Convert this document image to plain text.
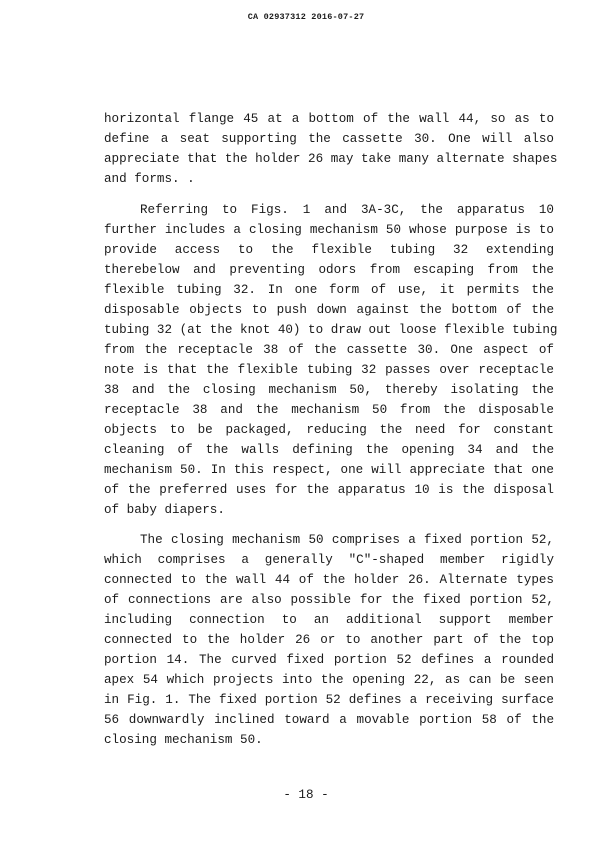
CA 02937312 2016-07-27
horizontal flange 45 at a bottom of the wall 44, so as to
define a seat supporting the cassette 30. One will also
appreciate that the holder 26 may take many alternate shapes
and forms. .
Referring to Figs. 1 and 3A-3C, the apparatus 10
further includes a closing mechanism 50 whose purpose is to
provide access to the flexible tubing 32 extending
therebelow and preventing odors from escaping from the
flexible tubing 32. In one form of use, it permits the
disposable objects to push down against the bottom of the
tubing 32 (at the knot 40) to draw out loose flexible tubing
from the receptacle 38 of the cassette 30. One aspect of
note is that the flexible tubing 32 passes over receptacle
38 and the closing mechanism 50, thereby isolating the
receptacle 38 and the mechanism 50 from the disposable
objects to be packaged, reducing the need for constant
cleaning of the walls defining the opening 34 and the
mechanism 50. In this respect, one will appreciate that one
of the preferred uses for the apparatus 10 is the disposal
of baby diapers.
The closing mechanism 50 comprises a fixed portion 52,
which comprises a generally "C"-shaped member rigidly
connected to the wall 44 of the holder 26. Alternate types
of connections are also possible for the fixed portion 52,
including connection to an additional support member
connected to the holder 26 or to another part of the top
portion 14. The curved fixed portion 52 defines a rounded
apex 54 which projects into the opening 22, as can be seen
in Fig. 1. The fixed portion 52 defines a receiving surface
56 downwardly inclined toward a movable portion 58 of the
closing mechanism 50.
- 18 -
